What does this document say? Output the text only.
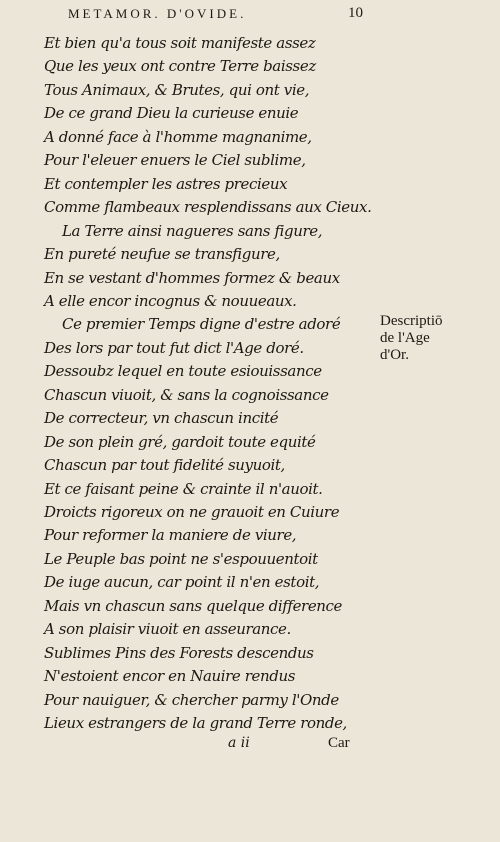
METAMOR. D'OVIDE.	10
Et bien qu'a tous soit manifeste assez
Que les yeux ont contre Terre baissez
Tous Animaux, & Brutes, qui ont vie,
De ce grand Dieu la curieuse enuie
A donné face à l'homme magnanime,
Pour l'eleuer enuers le Ciel sublime,
Et contempler les astres precieux
Comme flambeaux resplendissans aux Cieux.
La Terre ainsi nagueres sans figure,
En pureté neufue se transfigure,
En se vestant d'hommes formez & beaux
A elle encor incognus & nouueaux.
Ce premier Temps digne d'estre adoré
Des lors par tout fut dict l'Age doré.
Dessoubz lequel en toute esiouissance
Chascun viuoit, & sans la cognoissance
De correcteur, vn chascun incité
De son plein gré, gardoit toute equité
Chascun par tout fidelité suyuoit,
Et ce faisant peine & crainte il n'auoit.
Droicts rigoreux on ne grauoit en Cuiure
Pour reformer la maniere de viure,
Le Peuple bas point ne s'espouuentoit
De iuge aucun, car point il n'en estoit,
Mais vn chascun sans quelque difference
A son plaisir viuoit en asseurance.
Sublimes Pins des Forests descendus
N'estoient encor en Nauire rendus
Pour nauiguer, & chercher parmy l'Onde
Lieux estrangers de la grand Terre ronde,
Descriptiō
de l'Age
d'Or.
a ii	Car
